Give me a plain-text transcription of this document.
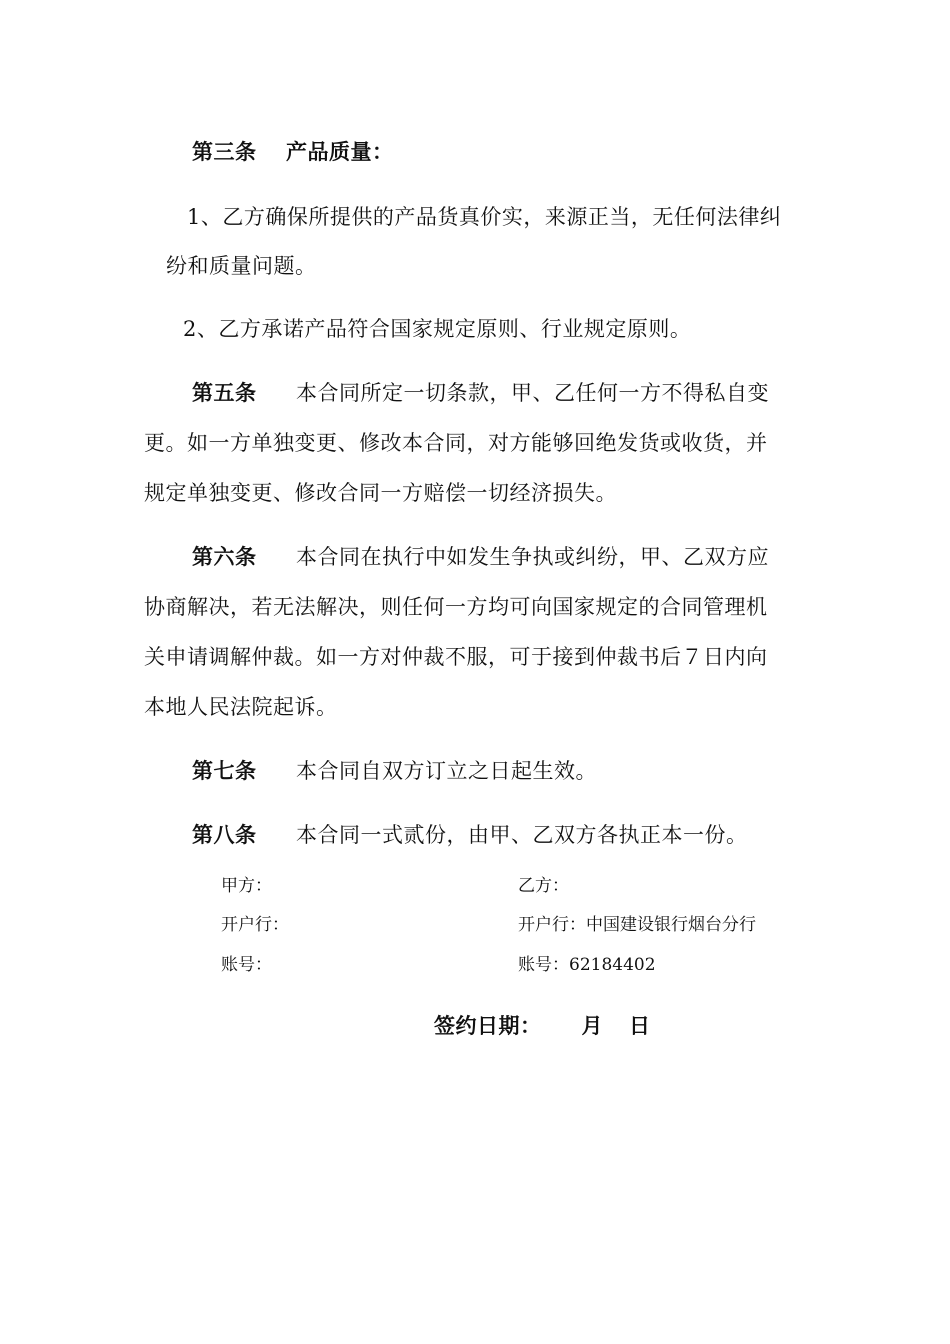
第三条 产品质量：
1、乙方确保所提供的产品货真价实，来源正当，无任何法律纠
纷和质量问题。
2、乙方承诺产品符合国家规定原则、行业规定原则。
第五条 本合同所定一切条款，甲、乙任何一方不得私自变
更。如一方单独变更、修改本合同，对方能够回绝发货或收货，并
规定单独变更、修改合同一方赔偿一切经济损失。
第六条 本合同在执行中如发生争执或纠纷，甲、乙双方应
协商解决，若无法解决，则任何一方均可向国家规定的合同管理机
关申请调解仲裁。如一方对仲裁不服，可于接到仲裁书后７日内向
本地人民法院起诉。
第七条 本合同自双方订立之日起生效。
第八条 本合同一式贰份，由甲、乙双方各执正本一份。
甲方：
开户行：
账号：
乙方：
开户行：中国建设银行烟台分行
账号：62184402
签约日期： 月 日
